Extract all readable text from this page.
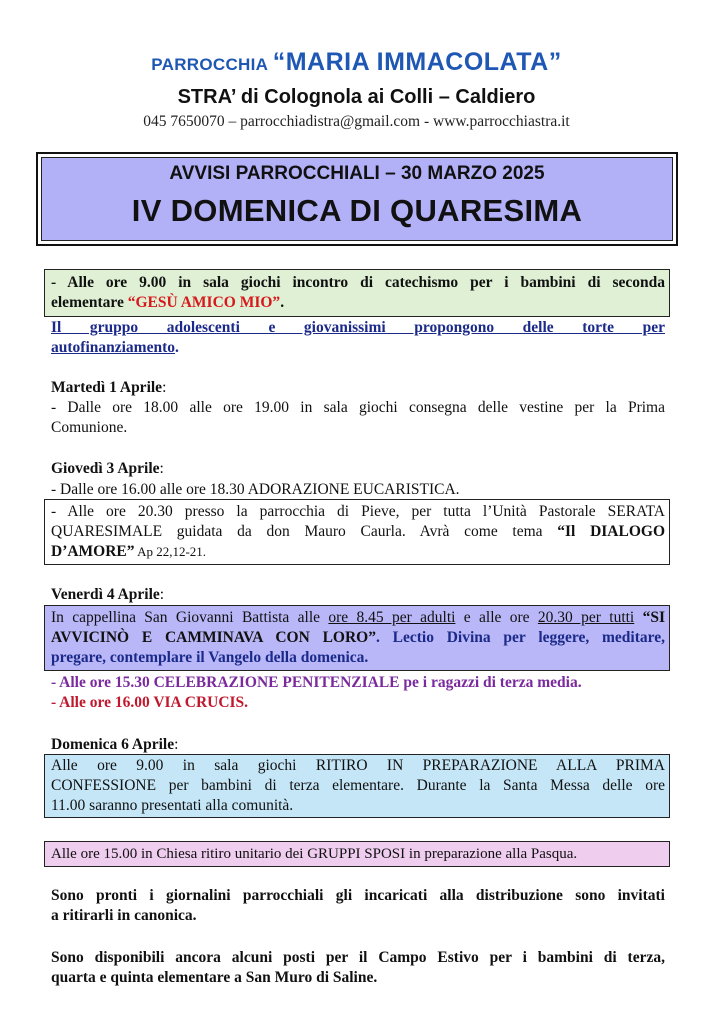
PARROCCHIA “MARIA IMMACOLATA”
STRA’ di Colognola ai Colli – Caldiero
045 7650070 – parrocchiadistra@gmail.com - www.parrocchiastra.it
AVVISI PARROCCHIALI – 30 MARZO 2025
IV DOMENICA DI QUARESIMA
- Alle ore 9.00 in sala giochi incontro di catechismo per i bambini di seconda
elementare “GESÙ AMICO MIO”.
Il gruppo adolescenti e giovanissimi propongono delle torte per
autofinanziamento.
Martedì 1 Aprile:
- Dalle ore 18.00 alle ore 19.00 in sala giochi consegna delle vestine per la Prima
Comunione.
Giovedì 3 Aprile:
- Dalle ore 16.00 alle ore 18.30 ADORAZIONE EUCARISTICA.
- Alle ore 20.30 presso la parrocchia di Pieve, per tutta l’Unità Pastorale SERATA
QUARESIMALE guidata da don Mauro Caurla. Avrà come tema “Il DIALOGO
D’AMORE” Ap 22,12-21.
Venerdì 4 Aprile:
In cappellina San Giovanni Battista alle ore 8.45 per adulti e alle ore 20.30 per tutti “SI
AVVICINÒ E CAMMINAVA CON LORO”. Lectio Divina per leggere, meditare,
pregare, contemplare il Vangelo della domenica.
- Alle ore 15.30 CELEBRAZIONE PENITENZIALE pe i ragazzi di terza media.
- Alle ore 16.00 VIA CRUCIS.
Domenica 6 Aprile:
Alle ore 9.00 in sala giochi RITIRO IN PREPARAZIONE ALLA PRIMA
CONFESSIONE per bambini di terza elementare. Durante la Santa Messa delle ore
11.00 saranno presentati alla comunità.
Alle ore 15.00 in Chiesa ritiro unitario dei GRUPPI SPOSI in preparazione alla Pasqua.
Sono pronti i giornalini parrocchiali gli incaricati alla distribuzione sono invitati
a ritirarli in canonica.
Sono disponibili ancora alcuni posti per il Campo Estivo per i bambini di terza,
quarta e quinta elementare a San Muro di Saline.
